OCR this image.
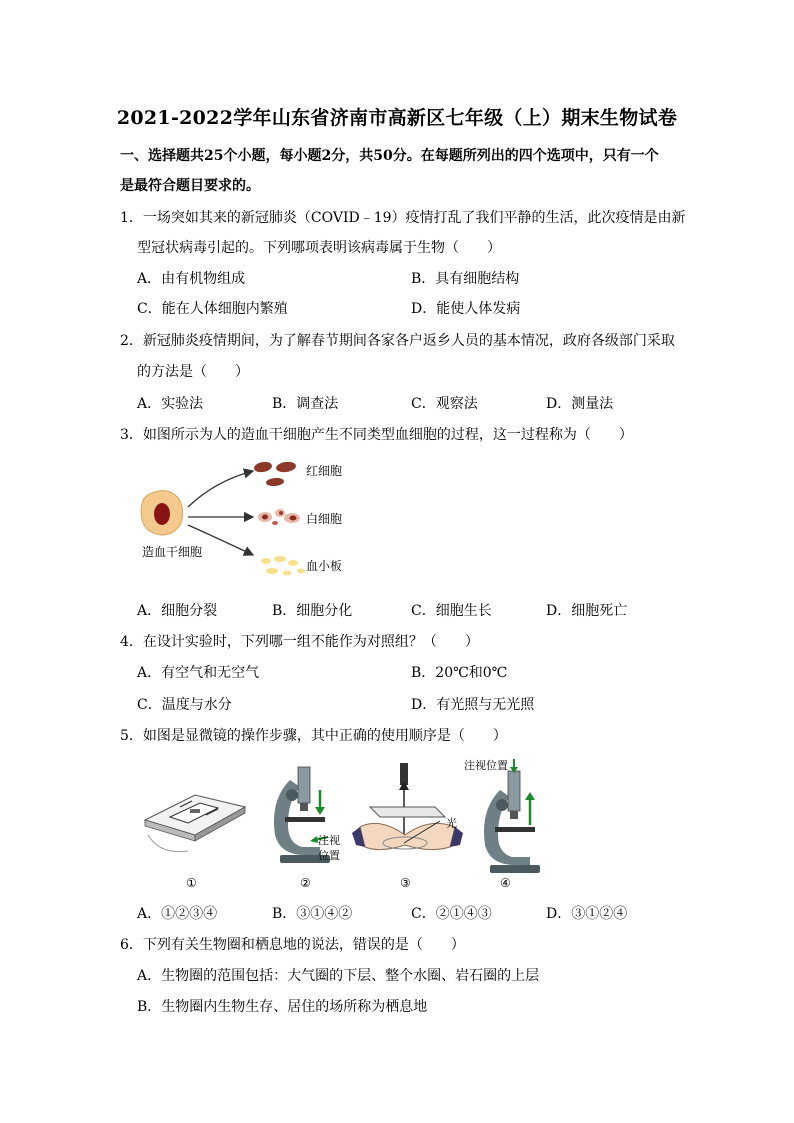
2021-2022学年山东省济南市高新区七年级（上）期末生物试卷
一、选择题共25个小题，每小题2分，共50分。在每题所列出的四个选项中，只有一个
是最符合题目要求的。
1．一场突如其来的新冠肺炎（COVID﹣19）疫情打乱了我们平静的生活，此次疫情是由新
型冠状病毒引起的。下列哪项表明该病毒属于生物（　　）
A．由有机物组成	B．具有细胞结构
C．能在人体细胞内繁殖	D．能使人体发病
2．新冠肺炎疫情期间，为了解春节期间各家各户返乡人员的基本情况，政府各级部门采取
的方法是（　　）
A．实验法	B．调查法	C．观察法	D．测量法
3．如图所示为人的造血干细胞产生不同类型血细胞的过程，这一过程称为（　　）
红细胞
白细胞
血小板
造血干细胞
A．细胞分裂	B．细胞分化	C．细胞生长	D．细胞死亡
4．在设计实验时，下列哪一组不能作为对照组？（　　）
A．有空气和无空气	B．20℃和0℃
C．温度与水分	D．有光照与无光照
5．如图是显微镜的操作步骤，其中正确的使用顺序是（　　）
注视位置
注视
位置
光
①	②	③	④
A．①②③④	B．③①④②	C．②①④③	D．③①②④
6．下列有关生物圈和栖息地的说法，错误的是（　　）
A．生物圈的范围包括：大气圈的下层、整个水圈、岩石圈的上层
B．生物圈内生物生存、居住的场所称为栖息地
